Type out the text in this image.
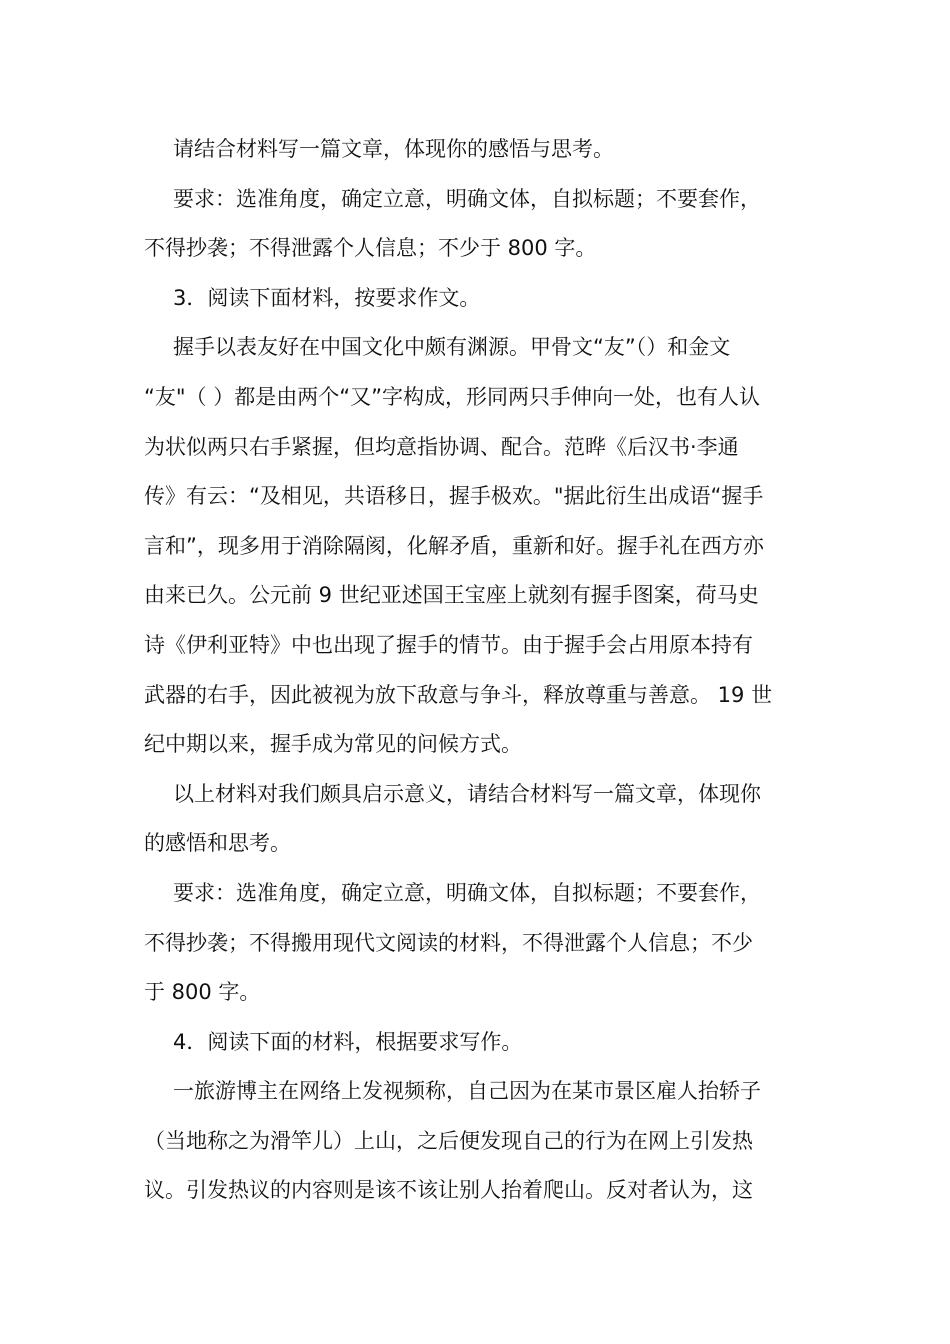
请结合材料写一篇文章，体现你的感悟与思考。
要求：选准角度，确定立意，明确文体，自拟标题；不要套作，
不得抄袭；不得泄露个人信息；不少于 800 字。
3．阅读下面材料，按要求作文。
握手以表友好在中国文化中颇有渊源。甲骨文“友”（）和金文
“友"（ ）都是由两个“又”字构成，形同两只手伸向一处，也有人认
为状似两只右手紧握，但均意指协调、配合。范晔《后汉书·李通
传》有云：“及相见，共语移日，握手极欢。"据此衍生出成语“握手
言和”，现多用于消除隔阂，化解矛盾，重新和好。握手礼在西方亦
由来已久。公元前 9 世纪亚述国王宝座上就刻有握手图案，荷马史
诗《伊利亚特》中也出现了握手的情节。由于握手会占用原本持有
武器的右手，因此被视为放下敌意与争斗，释放尊重与善意。 19 世
纪中期以来，握手成为常见的问候方式。
以上材料对我们颇具启示意义，请结合材料写一篇文章，体现你
的感悟和思考。
要求：选准角度，确定立意，明确文体，自拟标题；不要套作，
不得抄袭；不得搬用现代文阅读的材料，不得泄露个人信息；不少
于 800 字。
4．阅读下面的材料，根据要求写作。
一旅游博主在网络上发视频称，自己因为在某市景区雇人抬轿子
（当地称之为滑竿儿）上山，之后便发现自己的行为在网上引发热
议。引发热议的内容则是该不该让别人抬着爬山。反对者认为，这
